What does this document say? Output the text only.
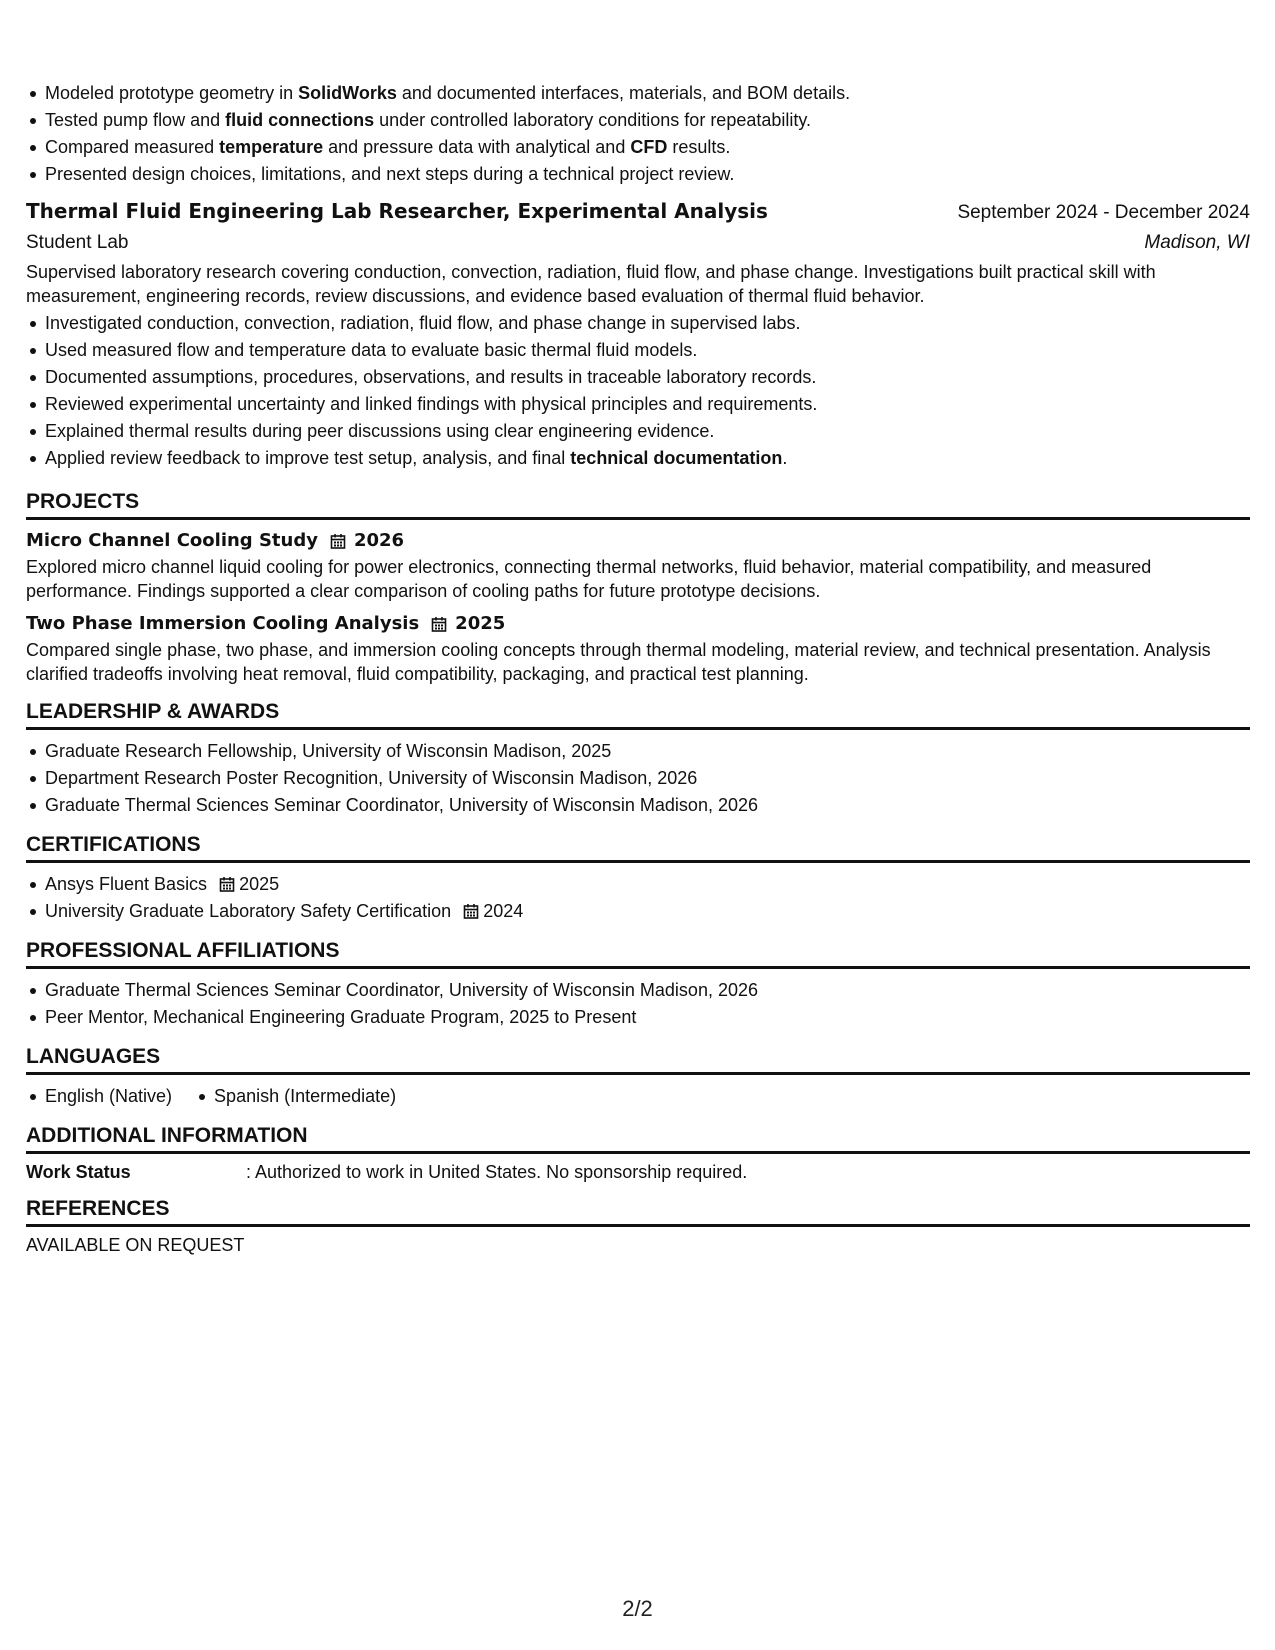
Modeled prototype geometry in SolidWorks and documented interfaces, materials, and BOM details.
Tested pump flow and fluid connections under controlled laboratory conditions for repeatability.
Compared measured temperature and pressure data with analytical and CFD results.
Presented design choices, limitations, and next steps during a technical project review.
Thermal Fluid Engineering Lab Researcher, Experimental Analysis	September 2024 - December 2024
Student Lab	Madison, WI
Supervised laboratory research covering conduction, convection, radiation, fluid flow, and phase change. Investigations built practical skill with measurement, engineering records, review discussions, and evidence based evaluation of thermal fluid behavior.
Investigated conduction, convection, radiation, fluid flow, and phase change in supervised labs.
Used measured flow and temperature data to evaluate basic thermal fluid models.
Documented assumptions, procedures, observations, and results in traceable laboratory records.
Reviewed experimental uncertainty and linked findings with physical principles and requirements.
Explained thermal results during peer discussions using clear engineering evidence.
Applied review feedback to improve test setup, analysis, and final technical documentation.
PROJECTS
Micro Channel Cooling Study 2026
Explored micro channel liquid cooling for power electronics, connecting thermal networks, fluid behavior, material compatibility, and measured performance. Findings supported a clear comparison of cooling paths for future prototype decisions.
Two Phase Immersion Cooling Analysis 2025
Compared single phase, two phase, and immersion cooling concepts through thermal modeling, material review, and technical presentation. Analysis clarified tradeoffs involving heat removal, fluid compatibility, packaging, and practical test planning.
LEADERSHIP & AWARDS
Graduate Research Fellowship, University of Wisconsin Madison, 2025
Department Research Poster Recognition, University of Wisconsin Madison, 2026
Graduate Thermal Sciences Seminar Coordinator, University of Wisconsin Madison, 2026
CERTIFICATIONS
Ansys Fluent Basics 2025
University Graduate Laboratory Safety Certification 2024
PROFESSIONAL AFFILIATIONS
Graduate Thermal Sciences Seminar Coordinator, University of Wisconsin Madison, 2026
Peer Mentor, Mechanical Engineering Graduate Program, 2025 to Present
LANGUAGES
English (Native) Spanish (Intermediate)
ADDITIONAL INFORMATION
Work Status	: Authorized to work in United States. No sponsorship required.
REFERENCES
AVAILABLE ON REQUEST
2/2
